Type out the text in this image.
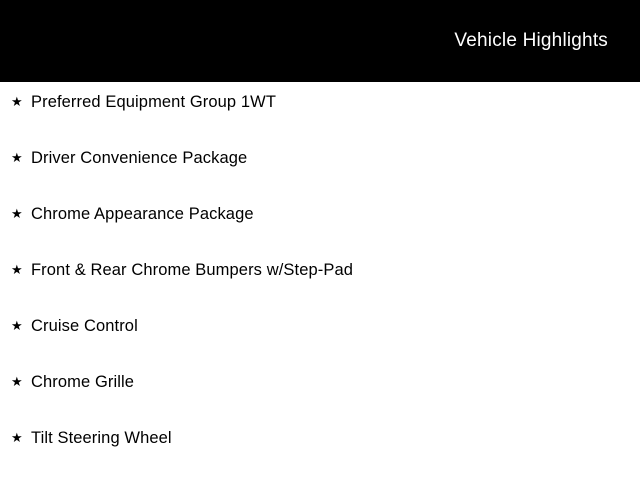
Vehicle Highlights
★ Preferred Equipment Group 1WT
★ Driver Convenience Package
★ Chrome Appearance Package
★ Front & Rear Chrome Bumpers w/Step-Pad
★ Cruise Control
★ Chrome Grille
★ Tilt Steering Wheel
